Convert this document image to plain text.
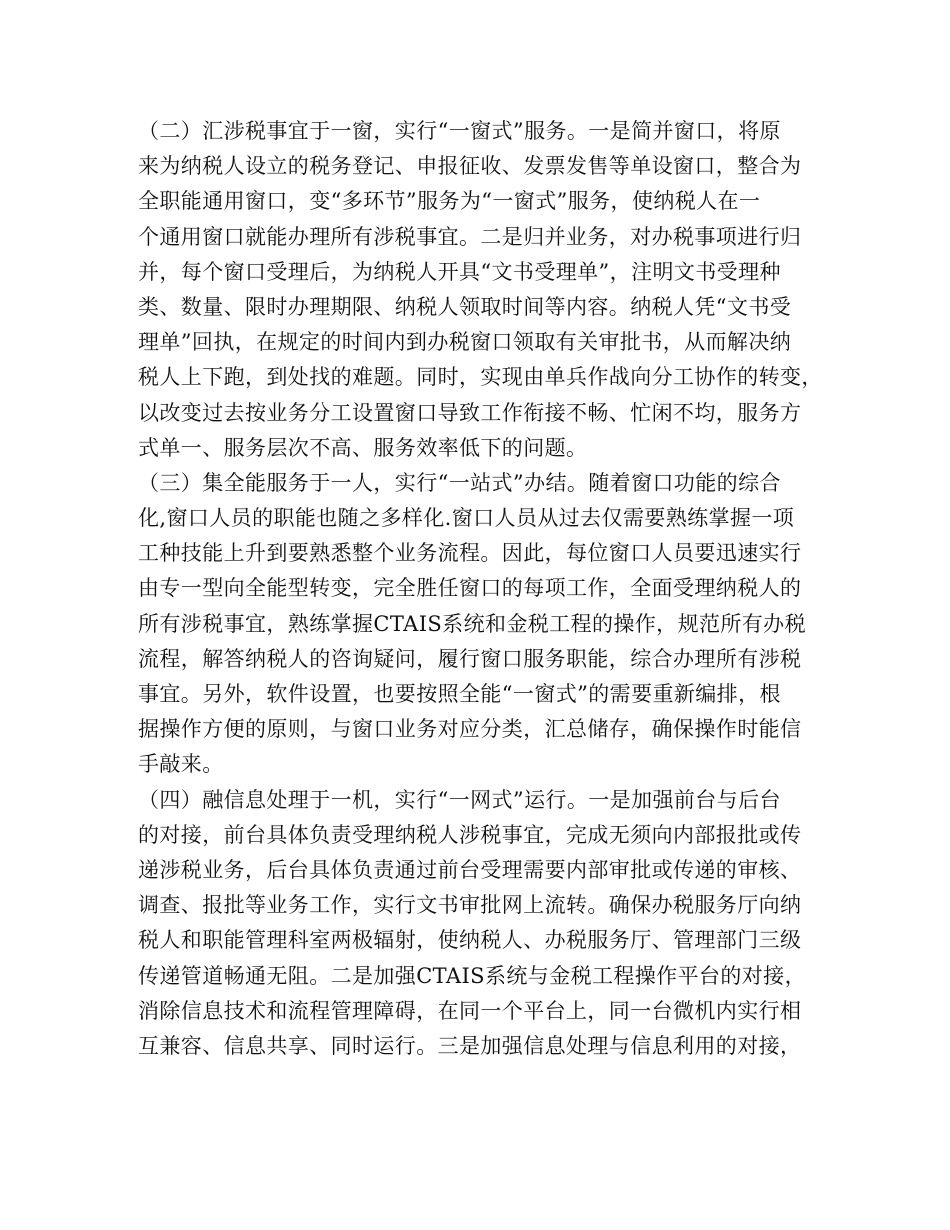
（二）汇涉税事宜于一窗，实行“一窗式”服务。一是简并窗口，将原
来为纳税人设立的税务登记、申报征收、发票发售等单设窗口，整合为
全职能通用窗口，变“多环节”服务为“一窗式”服务，使纳税人在一
个通用窗口就能办理所有涉税事宜。二是归并业务，对办税事项进行归
并，每个窗口受理后，为纳税人开具“文书受理单”，注明文书受理种
类、数量、限时办理期限、纳税人领取时间等内容。纳税人凭“文书受
理单”回执，在规定的时间内到办税窗口领取有关审批书，从而解决纳
税人上下跑，到处找的难题。同时，实现由单兵作战向分工协作的转变，
以改变过去按业务分工设置窗口导致工作衔接不畅、忙闲不均，服务方
式单一、服务层次不高、服务效率低下的问题。
（三）集全能服务于一人，实行“一站式”办结。随着窗口功能的综合
化,窗口人员的职能也随之多样化.窗口人员从过去仅需要熟练掌握一项
工种技能上升到要熟悉整个业务流程。因此，每位窗口人员要迅速实行
由专一型向全能型转变，完全胜任窗口的每项工作，全面受理纳税人的
所有涉税事宜，熟练掌握CTAIS系统和金税工程的操作，规范所有办税
流程，解答纳税人的咨询疑问，履行窗口服务职能，综合办理所有涉税
事宜。另外，软件设置，也要按照全能“一窗式”的需要重新编排，根
据操作方便的原则，与窗口业务对应分类，汇总储存，确保操作时能信
手敲来。
（四）融信息处理于一机，实行“一网式”运行。一是加强前台与后台
的对接，前台具体负责受理纳税人涉税事宜，完成无须向内部报批或传
递涉税业务，后台具体负责通过前台受理需要内部审批或传递的审核、
调查、报批等业务工作，实行文书审批网上流转。确保办税服务厅向纳
税人和职能管理科室两极辐射，使纳税人、办税服务厅、管理部门三级
传递管道畅通无阻。二是加强CTAIS系统与金税工程操作平台的对接，
消除信息技术和流程管理障碍，在同一个平台上，同一台微机内实行相
互兼容、信息共享、同时运行。三是加强信息处理与信息利用的对接，
